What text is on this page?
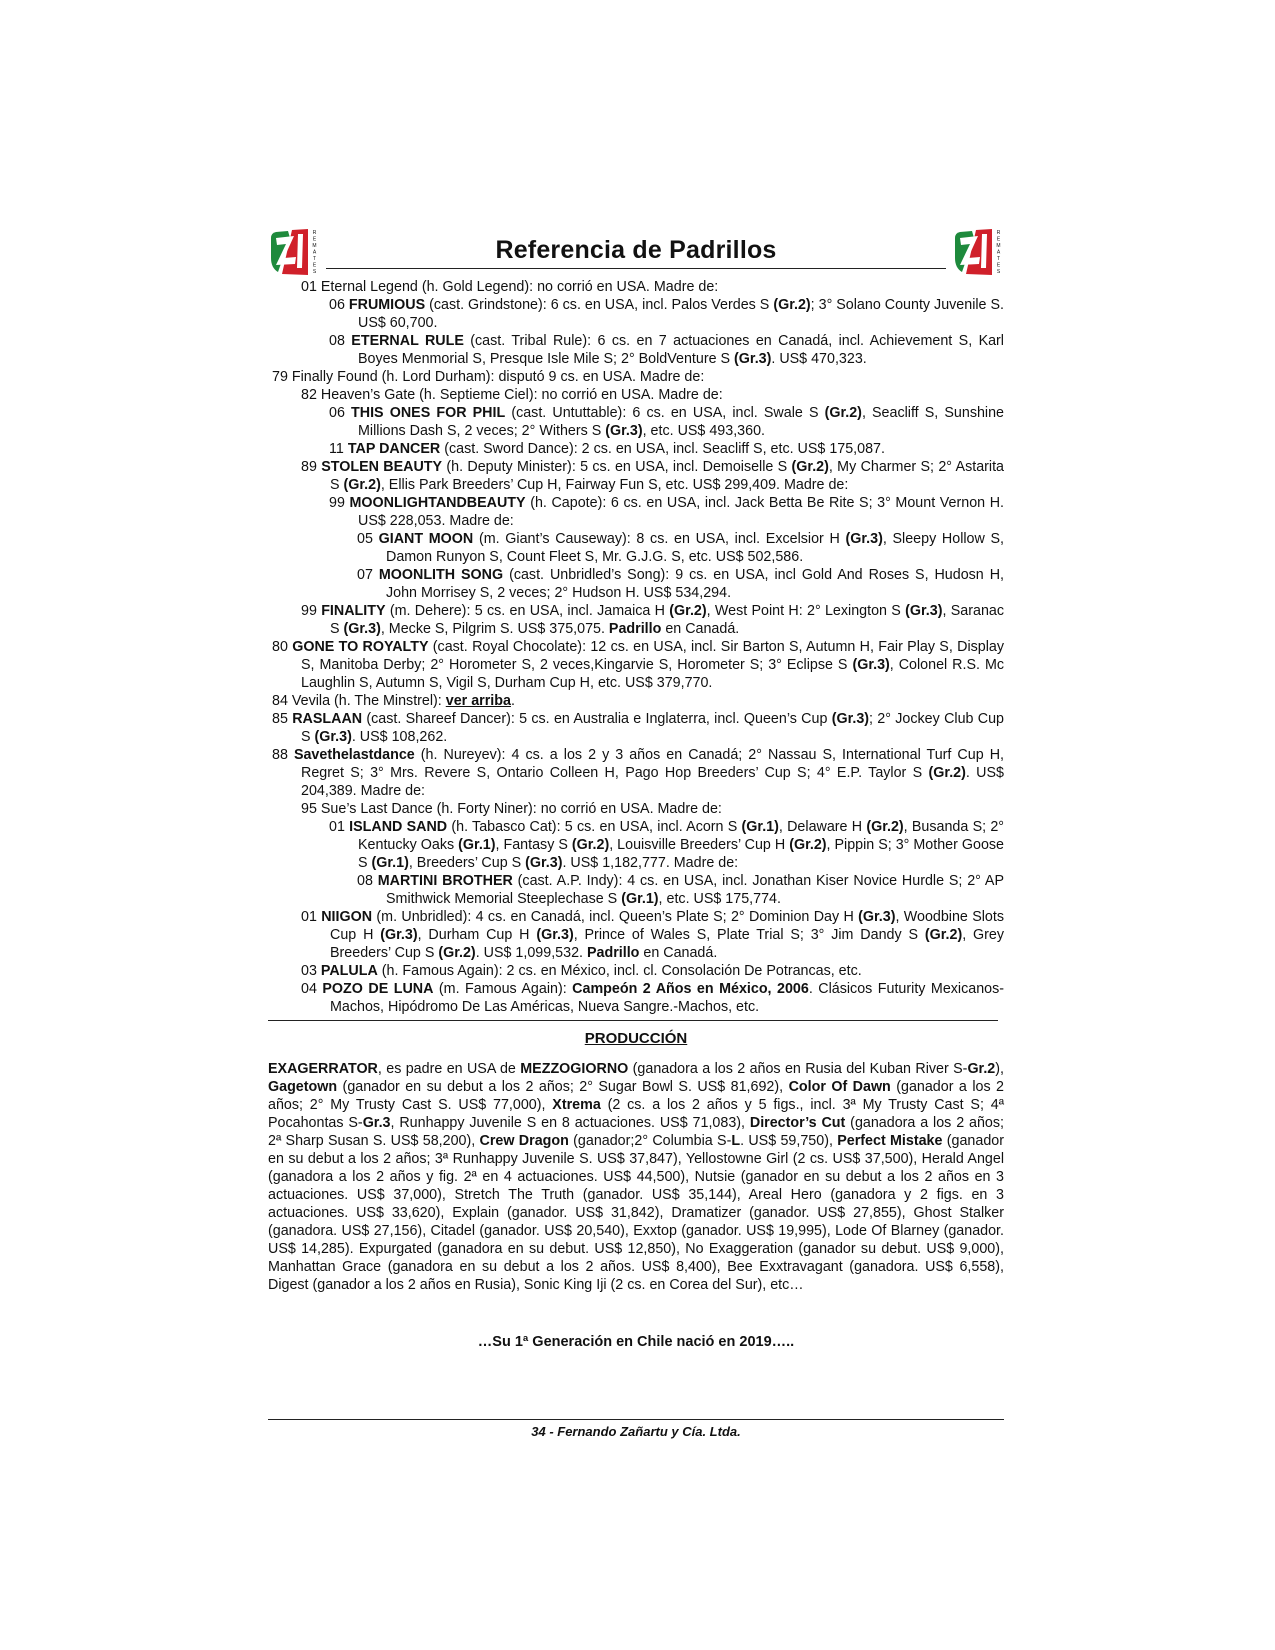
R
E
M
A
T
E
S
Referencia de Padrillos
R
E
M
A
T
E
S
01 Eternal Legend (h. Gold Legend): no corrió en USA. Madre de:
06 FRUMIOUS (cast. Grindstone): 6 cs. en USA, incl. Palos Verdes S (Gr.2); 3° Solano County Juvenile S. US$ 60,700.
08 ETERNAL RULE (cast. Tribal Rule): 6 cs. en 7 actuaciones en Canadá, incl. Achievement S, Karl Boyes Menmorial S, Presque Isle Mile S; 2° BoldVenture S (Gr.3). US$ 470,323.
79 Finally Found (h. Lord Durham): disputó 9 cs. en USA. Madre de:
82 Heaven’s Gate (h. Septieme Ciel): no corrió en USA. Madre de:
06 THIS ONES FOR PHIL (cast. Untuttable): 6 cs. en USA, incl. Swale S (Gr.2), Seacliff S, Sunshine Millions Dash S, 2 veces; 2° Withers S (Gr.3), etc. US$ 493,360.
11 TAP DANCER (cast. Sword Dance): 2 cs. en USA, incl. Seacliff S, etc. US$ 175,087.
89 STOLEN BEAUTY (h. Deputy Minister): 5 cs. en USA, incl. Demoiselle S (Gr.2), My Charmer S; 2° Astarita S (Gr.2), Ellis Park Breeders’ Cup H, Fairway Fun S, etc. US$ 299,409. Madre de:
99 MOONLIGHTANDBEAUTY (h. Capote): 6 cs. en USA, incl. Jack Betta Be Rite S; 3° Mount Vernon H. US$ 228,053. Madre de:
05 GIANT MOON (m. Giant’s Causeway): 8 cs. en USA, incl. Excelsior H (Gr.3), Sleepy Hollow S, Damon Runyon S, Count Fleet S, Mr. G.J.G. S, etc. US$ 502,586.
07 MOONLITH SONG (cast. Unbridled’s Song): 9 cs. en USA, incl Gold And Roses S, Hudosn H, John Morrisey S, 2 veces; 2° Hudson H. US$ 534,294.
99 FINALITY (m. Dehere): 5 cs. en USA, incl. Jamaica H (Gr.2), West Point H: 2° Lexington S (Gr.3), Saranac S (Gr.3), Mecke S, Pilgrim S. US$ 375,075. Padrillo en Canadá.
80 GONE TO ROYALTY (cast. Royal Chocolate): 12 cs. en USA, incl. Sir Barton S, Autumn H, Fair Play S, Display S, Manitoba Derby; 2° Horometer S, 2 veces,Kingarvie S, Horometer S; 3° Eclipse S (Gr.3), Colonel R.S. Mc Laughlin S, Autumn S, Vigil S, Durham Cup H, etc. US$ 379,770.
84 Vevila (h. The Minstrel): ver arriba.
85 RASLAAN (cast. Shareef Dancer): 5 cs. en Australia e Inglaterra, incl. Queen’s Cup (Gr.3); 2° Jockey Club Cup S (Gr.3). US$ 108,262.
88 Savethelastdance (h. Nureyev): 4 cs. a los 2 y 3 años en Canadá; 2° Nassau S, International Turf Cup H, Regret S; 3° Mrs. Revere S, Ontario Colleen H, Pago Hop Breeders’ Cup S; 4° E.P. Taylor S (Gr.2). US$ 204,389. Madre de:
95 Sue’s Last Dance (h. Forty Niner): no corrió en USA. Madre de:
01 ISLAND SAND (h. Tabasco Cat): 5 cs. en USA, incl. Acorn S (Gr.1), Delaware H (Gr.2), Busanda S; 2° Kentucky Oaks (Gr.1), Fantasy S (Gr.2), Louisville Breeders’ Cup H (Gr.2), Pippin S; 3° Mother Goose S (Gr.1), Breeders’ Cup S (Gr.3). US$ 1,182,777. Madre de:
08 MARTINI BROTHER (cast. A.P. Indy): 4 cs. en USA, incl. Jonathan Kiser Novice Hurdle S; 2° AP Smithwick Memorial Steeplechase S (Gr.1), etc. US$ 175,774.
01 NIIGON (m. Unbridled): 4 cs. en Canadá, incl. Queen’s Plate S; 2° Dominion Day H (Gr.3), Woodbine Slots Cup H (Gr.3), Durham Cup H (Gr.3), Prince of Wales S, Plate Trial S; 3° Jim Dandy S (Gr.2), Grey Breeders’ Cup S (Gr.2). US$ 1,099,532. Padrillo en Canadá.
03 PALULA (h. Famous Again): 2 cs. en México, incl. cl. Consolación De Potrancas, etc.
04 POZO DE LUNA (m. Famous Again): Campeón 2 Años en México, 2006. Clásicos Futurity Mexicanos-Machos, Hipódromo De Las Américas, Nueva Sangre.-Machos, etc.
PRODUCCIÓN
EXAGERRATOR, es padre en USA de MEZZOGIORNO (ganadora a los 2 años en Rusia del Kuban River S-Gr.2), Gagetown (ganador en su debut a los 2 años; 2° Sugar Bowl S. US$ 81,692), Color Of Dawn (ganador a los 2 años; 2° My Trusty Cast S. US$ 77,000), Xtrema (2 cs. a los 2 años y 5 figs., incl. 3ª My Trusty Cast S; 4ª Pocahontas S-Gr.3, Runhappy Juvenile S en 8 actuaciones. US$ 71,083), Director’s Cut (ganadora a los 2 años; 2ª Sharp Susan S. US$ 58,200), Crew Dragon (ganador;2° Columbia S-L. US$ 59,750), Perfect Mistake (ganador en su debut a los 2 años; 3ª Runhappy Juvenile S. US$ 37,847), Yellostowne Girl (2 cs. US$ 37,500), Herald Angel (ganadora a los 2 años y fig. 2ª en 4 actuaciones. US$ 44,500), Nutsie (ganador en su debut a los 2 años en 3 actuaciones. US$ 37,000), Stretch The Truth (ganador. US$ 35,144), Areal Hero (ganadora y 2 figs. en 3 actuaciones. US$ 33,620), Explain (ganador. US$ 31,842), Dramatizer (ganador. US$ 27,855), Ghost Stalker (ganadora. US$ 27,156), Citadel (ganador. US$ 20,540), Exxtop (ganador. US$ 19,995), Lode Of Blarney (ganador. US$ 14,285). Expurgated (ganadora en su debut. US$ 12,850), No Exaggeration (ganador su debut. US$ 9,000), Manhattan Grace (ganadora en su debut a los 2 años. US$ 8,400), Bee Exxtravagant (ganadora. US$ 6,558), Digest (ganador a los 2 años en Rusia), Sonic King Iji (2 cs. en Corea del Sur), etc…
…Su 1ª Generación en Chile nació en 2019…..
34 - Fernando Zañartu y Cía. Ltda.
